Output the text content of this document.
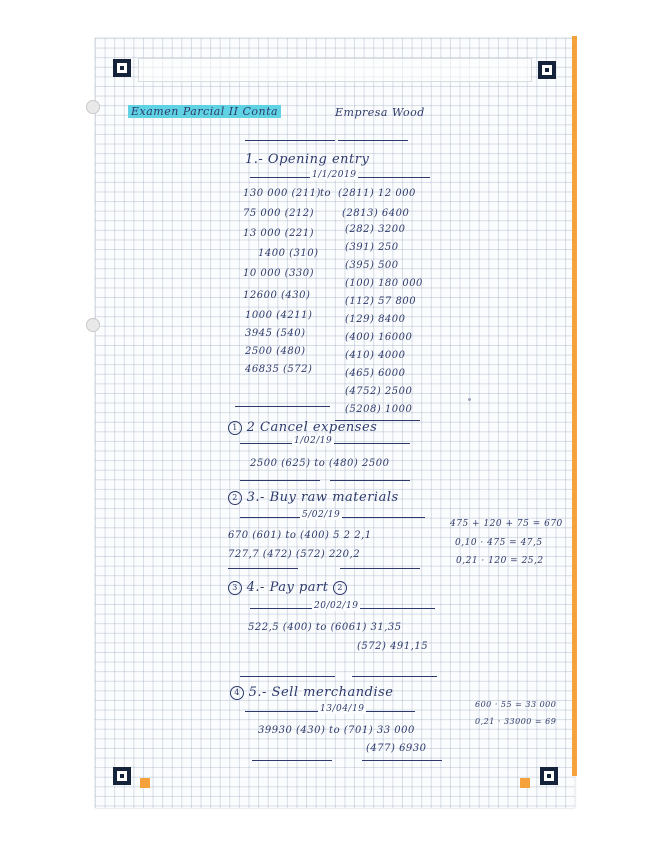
Examen Parcial II Conta	Empresa Wood
1.- Opening entry
1/1/2019
130 000 (211) to
75 000 (212)
13 000 (221)
1400 (310)
10 000 (330)
12600 (430)
1000 (4211)
3945 (540)
2500 (480)
46835 (572)
(2811) 12 000
(2813) 6400
(282) 3200
(391) 250
(395) 500
(100) 180 000
(112) 57 800
(129) 8400
(400) 16000
(410) 4000
(465) 6000
(4752) 2500
(5208) 1000
1 2 Cancel expenses
1/02/19
2500 (625) to (480) 2500
2 3.- Buy raw materials
5/02/19
670 (601) to (400) 5 2 2,1
727,7 (472) (572) 220,2
475 + 120 + 75 = 670
0,10 · 475 = 47,5
0,21 · 120 = 25,2
3 4.- Pay part 2
20/02/19
522,5 (400) to (6061) 31,35
(572) 491,15
4 5.- Sell merchandise
13/04/19
39930 (430) to (701) 33 000
(477) 6930
600 · 55 = 33 000
0,21 · 33000 = 69
